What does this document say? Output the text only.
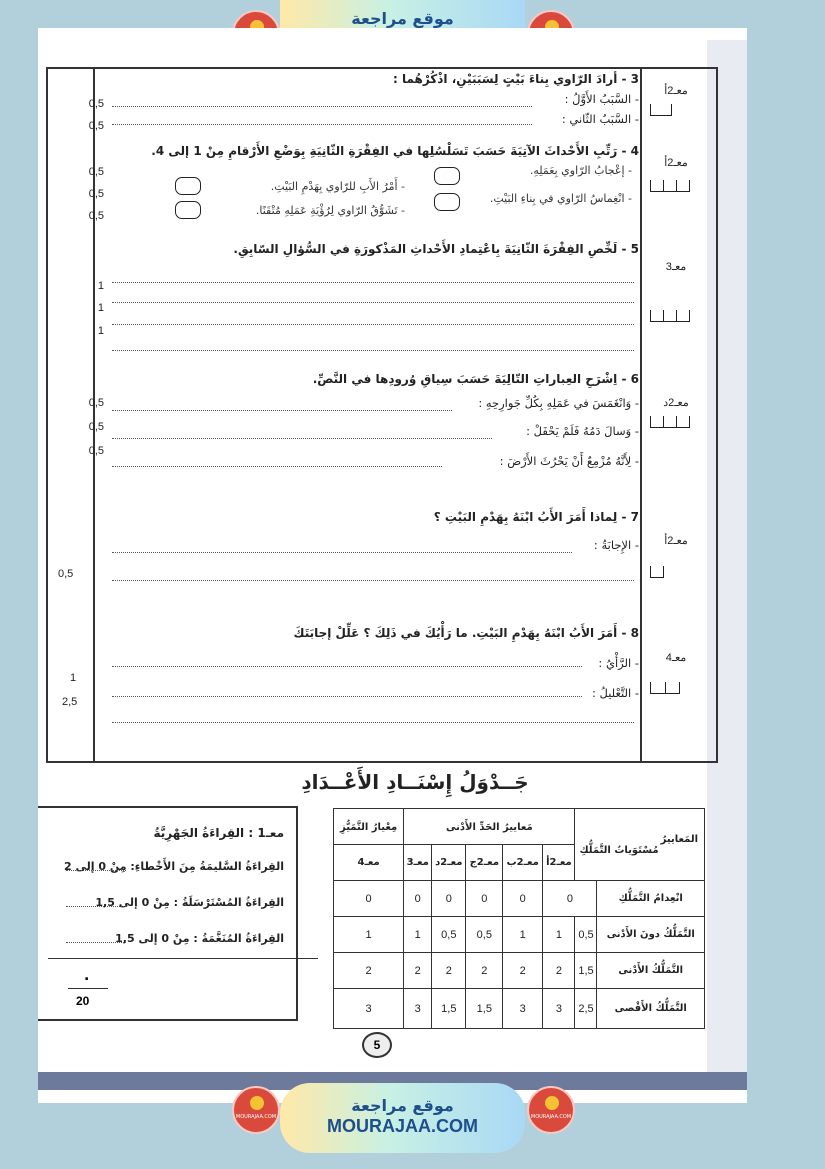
موقع مراجعة
3 - أرادَ الرّاوي بِناءَ بَيْتٍ لِسَبَبَيْنِ، اذْكُرْهُما :
- السَّبَبُ الأَوَّلُ :
- السَّبَبُ الثّاني :
0,5
0,5
معـ2أ
4 - رَتِّبِ الأَحْداثَ الآتِيَةَ حَسَبَ تَسَلْسُلِها في الفِقْرَةِ الثّانِيَةِ بِوَضْعِ الأَرْقامِ مِنْ 1 إلى 4.
- إعْجابُ الرّاوي بِعَمَلِهِ.
- أَمْرُ الأَبِ للرّاوي بِهَدْمِ البَيْتِ.
- انْغِماسُ الرّاوي في بِناءِ البَيْتِ.
- تَشَوُّقُ الرّاوي لِرُؤْيَةِ عَمَلِهِ مُتْقَنًا.
0,5
0,5
0,5
معـ2أ
5 - لَخِّصِ الفِقْرَةَ الثّانِيَةَ بِاعْتِمادِ الأَحْداثِ المَذْكورَةِ في السُّؤالِ السّابِقِ.
1
1
1
معـ3
6 - اِشْرَحِ العِباراتِ التّالِيَةَ حَسَبَ سِياقِ وُرودِها في النَّصِّ.
- وَانْغَمَسَ في عَمَلِهِ بِكُلِّ جَوارِحِهِ :
- وَسالَ دَمُهُ فَلَمْ يَحْفَلْ :
- لِأَنَّهُ مُزْمِعٌ أَنْ يَحْرُثَ الأَرْضَ :
0,5
0,5
0,5
معـ2د
7 - لِماذا أَمَرَ الأَبُ ابْنَهُ بِهَدْمِ البَيْتِ ؟
- الإِجابَةُ :
0,5
معـ2أ
8 - أَمَرَ الأَبُ ابْنَهُ بِهَدْمِ البَيْتِ. ما رَأْيُكَ في ذَلِكَ ؟ عَلِّلْ إجابَتَكَ
- الرَّأْيُ :
- التَّعْليلُ :
1
2,5
معـ4
جَــدْوَلُ إِسْنَــادِ الأَعْــدَادِ
معـ1 : القِراءَةُ الجَهْرِيَّةُ
القِراءَةُ السَّليمَةُ مِنَ الأَخْطاءِ: مِنْ 0 إلى 2
القِراءَةُ المُسْتَرْسَلَةُ : مِنْ 0 إلى 1,5
القِراءَةُ المُنَغَّمَةُ : مِنْ 0 إلى 1,5
.
20
مِعْيارُ التَّمَيُّزِ	مَعاييرُ الحَدِّ الأَدْنى					المَعاييرُ
مُسْتَوَياتُ التَّمَلُّكِ	

معـ4	معـ3	معـ2د	معـ2ج	معـ2ب	معـ2أ		
0	0	0	0	0	0		انْعِدامُ التَّمَلُّكِ
1	1	0,5	0,5	1	1	0,5	التَّمَلُّكُ دونَ الأَدْنى
2	2	2	2	2	2	1,5	التَّمَلُّكُ الأَدْنى
3	3	1,5	1,5	3	3	2,5	التَّمَلُّكُ الأَقْصى
5
MOURAJAA.COM
موقع مراجعة
MOURAJAA.COM	MOURAJAA.COM
